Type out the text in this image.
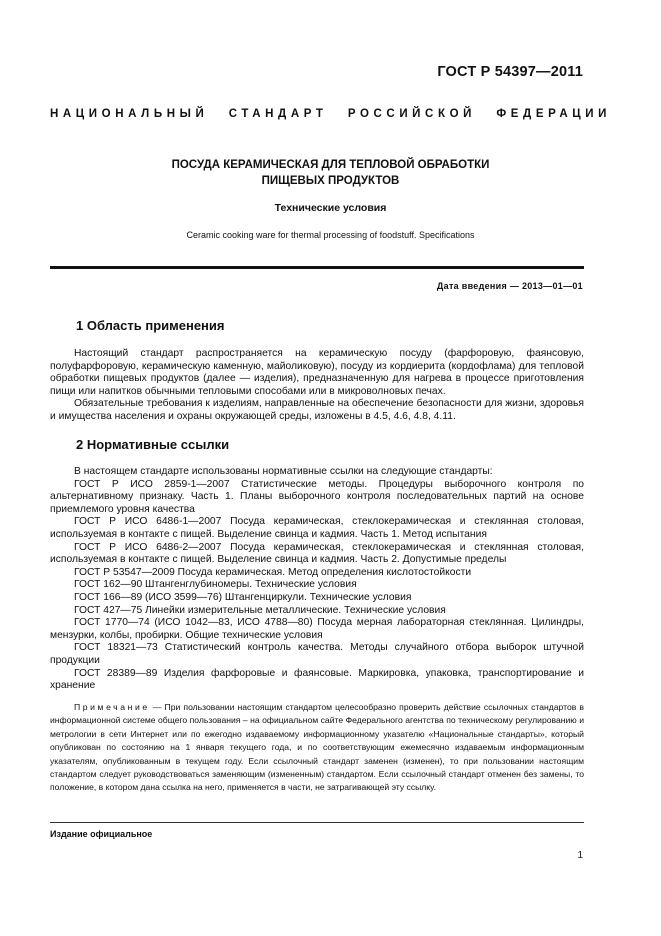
ГОСТ Р 54397—2011

НАЦИОНАЛЬНЫЙ СТАНДАРТ РОССИЙСКОЙ ФЕДЕРАЦИИ

ПОСУДА КЕРАМИЧЕСКАЯ ДЛЯ ТЕПЛОВОЙ ОБРАБОТКИ
ПИЩЕВЫХ ПРОДУКТОВ

Технические условия

Ceramic cooking ware for thermal processing of foodstuff. Specifications

Дата введения — 2013—01—01

1 Область применения

Настоящий стандарт распространяется на керамическую посуду (фарфоровую, фаянсовую, полуфарфоровую, керамическую каменную, майоликовую), посуду из кордиерита (кордофлама) для тепловой обработки пищевых продуктов (далее — изделия), предназначенную для нагрева в процессе приготовления пищи или напитков обычными тепловыми способами или в микроволновых печах.

Обязательные требования к изделиям, направленные на обеспечение безопасности для жизни, здоровья и имущества населения и охраны окружающей среды, изложены в 4.5, 4.6, 4.8, 4.11.

2 Нормативные ссылки

В настоящем стандарте использованы нормативные ссылки на следующие стандарты:

ГОСТ Р ИСО 2859-1—2007 Статистические методы. Процедуры выборочного контроля по альтернативному признаку. Часть 1. Планы выборочного контроля последовательных партий на основе приемлемого уровня качества

ГОСТ Р ИСО 6486-1—2007 Посуда керамическая, стеклокерамическая и стеклянная столовая, используемая в контакте с пищей. Выделение свинца и кадмия. Часть 1. Метод испытания

ГОСТ Р ИСО 6486-2—2007 Посуда керамическая, стеклокерамическая и стеклянная столовая, используемая в контакте с пищей. Выделение свинца и кадмия. Часть 2. Допустимые пределы

ГОСТ Р 53547—2009 Посуда керамическая. Метод определения кислотостойкости

ГОСТ 162—90 Штангенглубиномеры. Технические условия

ГОСТ 166—89 (ИСО 3599—76) Штангенциркули. Технические условия

ГОСТ 427—75 Линейки измерительные металлические. Технические условия

ГОСТ 1770—74 (ИСО 1042—83, ИСО 4788—80) Посуда мерная лабораторная стеклянная. Цилиндры, мензурки, колбы, пробирки. Общие технические условия

ГОСТ 18321—73 Статистический контроль качества. Методы случайного отбора выборок штучной продукции

ГОСТ 28389—89 Изделия фарфоровые и фаянсовые. Маркировка, упаковка, транспортирование и хранение

Примечание — При пользовании настоящим стандартом целесообразно проверить действие ссылочных стандартов в информационной системе общего пользования – на официальном сайте Федерального агентства по техническому регулированию и метрологии в сети Интернет или по ежегодно издаваемому информационному указателю «Национальные стандарты», который опубликован по состоянию на 1 января текущего года, и по соответствующим ежемесячно издаваемым информационным указателям, опубликованным в текущем году. Если ссылочный стандарт заменен (изменен), то при пользовании настоящим стандартом следует руководствоваться заменяющим (измененным) стандартом. Если ссылочный стандарт отменен без замены, то положение, в котором дана ссылка на него, применяется в части, не затрагивающей эту ссылку.

Издание официальное

1
